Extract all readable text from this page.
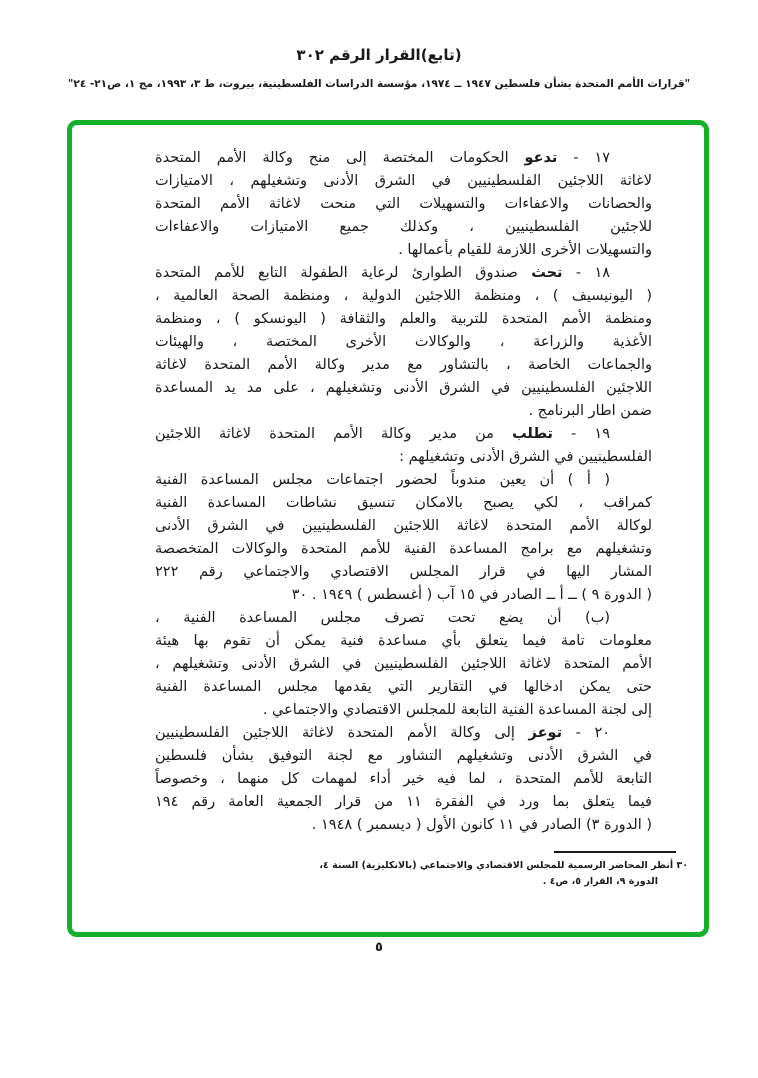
(تابع)القرار الرقم ٣٠٢
"قرارات الأمم المتحدة بشأن فلسطين ١٩٤٧ ــ ١٩٧٤، مؤسسة الدراسات الفلسطينية، بيروت، ط ٣، ١٩٩٣، مج ١، ص٢١- ٢٤"
١٧ - تدعو الحكومات المختصة إلى منح وكالة الأمم المتحدة
لاغاثة اللاجئين الفلسطينيين في الشرق الأدنى وتشغيلهم ، الامتيازات
والحصانات والاعفاءات والتسهيلات التي منحت لاغاثة الأمم المتحدة
للاجئين الفلسطينيين ، وكذلك جميع الامتيازات والاعفاءات
والتسهيلات الأخرى اللازمة للقيام بأعمالها .
١٨ - تحث صندوق الطوارئ لرعاية الطفولة التابع للأمم المتحدة
( اليونيسيف ) ، ومنظمة اللاجئين الدولية ، ومنظمة الصحة العالمية ،
ومنظمة الأمم المتحدة للتربية والعلم والثقافة ( اليونسكو ) ، ومنظمة
الأغذية والزراعة ، والوكالات الأخرى المختصة ، والهيئات
والجماعات الخاصة ، بالتشاور مع مدير وكالة الأمم المتحدة لاغاثة
اللاجئين الفلسطينيين في الشرق الأدنى وتشغيلهم ، على مد يد المساعدة
ضمن اطار البرنامج .
١٩ - تطلب من مدير وكالة الأمم المتحدة لاغاثة اللاجئين
الفلسطينيين في الشرق الأدنى وتشغيلهم :
( أ ) أن يعين مندوباً لحضور اجتماعات مجلس المساعدة الفنية
كمراقب ، لكي يصبح بالامكان تنسيق نشاطات المساعدة الفنية
لوكالة الأمم المتحدة لاغاثة اللاجئين الفلسطينيين في الشرق الأدنى
وتشغيلهم مع برامج المساعدة الفنية للأمم المتحدة والوكالات المتخصصة
المشار اليها في قرار المجلس الاقتصادي والاجتماعي رقم ٢٢٢
( الدورة ٩ ) ــ أ ــ الصادر في ١٥ آب ( أغسطس ) ١٩٤٩ . ٣٠
(ب) أن يضع تحت تصرف مجلس المساعدة الفنية ،
معلومات تامة فيما يتعلق بأي مساعدة فنية يمكن أن تقوم بها هيئة
الأمم المتحدة لاغاثة اللاجئين الفلسطينيين في الشرق الأدنى وتشغيلهم ،
حتى يمكن ادخالها في التقارير التي يقدمها مجلس المساعدة الفنية
إلى لجنة المساعدة الفنية التابعة للمجلس الاقتصادي والاجتماعي .
٢٠ - توعز إلى وكالة الأمم المتحدة لاغاثة اللاجئين الفلسطينيين
في الشرق الأدنى وتشغيلهم التشاور مع لجنة التوفيق بشأن فلسطين
التابعة للأمم المتحدة ، لما فيه خير أداء لمهمات كل منهما ، وخصوصاً
فيما يتعلق بما ورد في الفقرة ١١ من قرار الجمعية العامة رقم ١٩٤
( الدورة ٣) الصادر في ١١ كانون الأول ( ديسمبر ) ١٩٤٨ .
٣٠ أنظر المحاضر الرسمية للمجلس الاقتصادي والاجتماعي (بالانكليزية) السنة ٤،
الدورة ٩، القرار ٥، ص٤ .
٥
